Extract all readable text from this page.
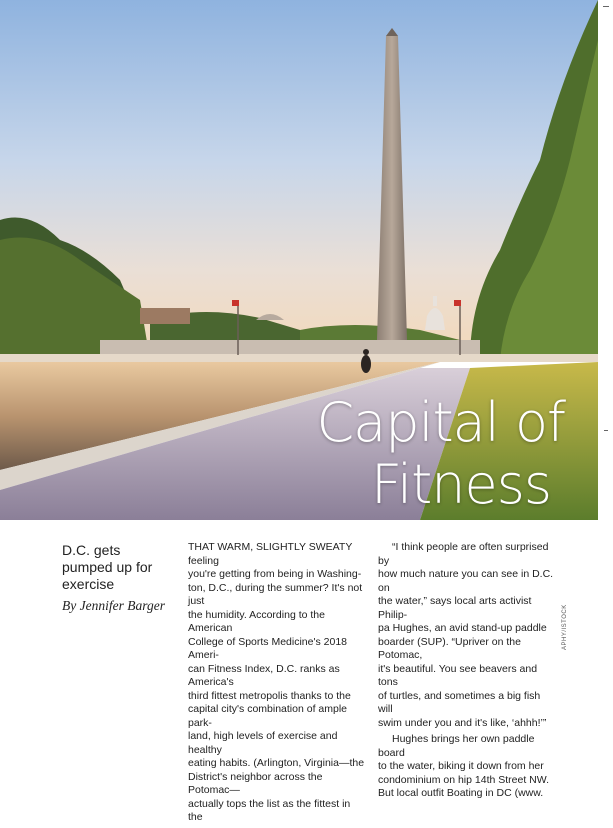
Capital of
Fitness
D.C. gets pumped up for exercise
By Jennifer Barger

THAT WARM, SLIGHTLY SWEATY feeling
you're getting from being in Washing-
ton, D.C., during the summer? It's not just
the humidity. According to the American
College of Sports Medicine's 2018 Ameri-
can Fitness Index, D.C. ranks as America's
third fittest metropolis thanks to the
capital city's combination of ample park-
land, high levels of exercise and healthy
eating habits. (Arlington, Virginia—the
District's neighbor across the Potomac—
actually tops the list as the fittest in the

“I think people are often surprised by
how much nature you can see in D.C. on
the water,” says local arts activist Philip-
pa Hughes, an avid stand-up paddle
boarder (SUP). “Upriver on the Potomac,
it's beautiful. You see beavers and tons
of turtles, and sometimes a big fish will
swim under you and it's like, ‘ahhh!’”

Hughes brings her own paddle board
to the water, biking it down from her
condominium on hip 14th Street NW.
But local outfit Boating in DC (www.

APHY/ISTOCK
